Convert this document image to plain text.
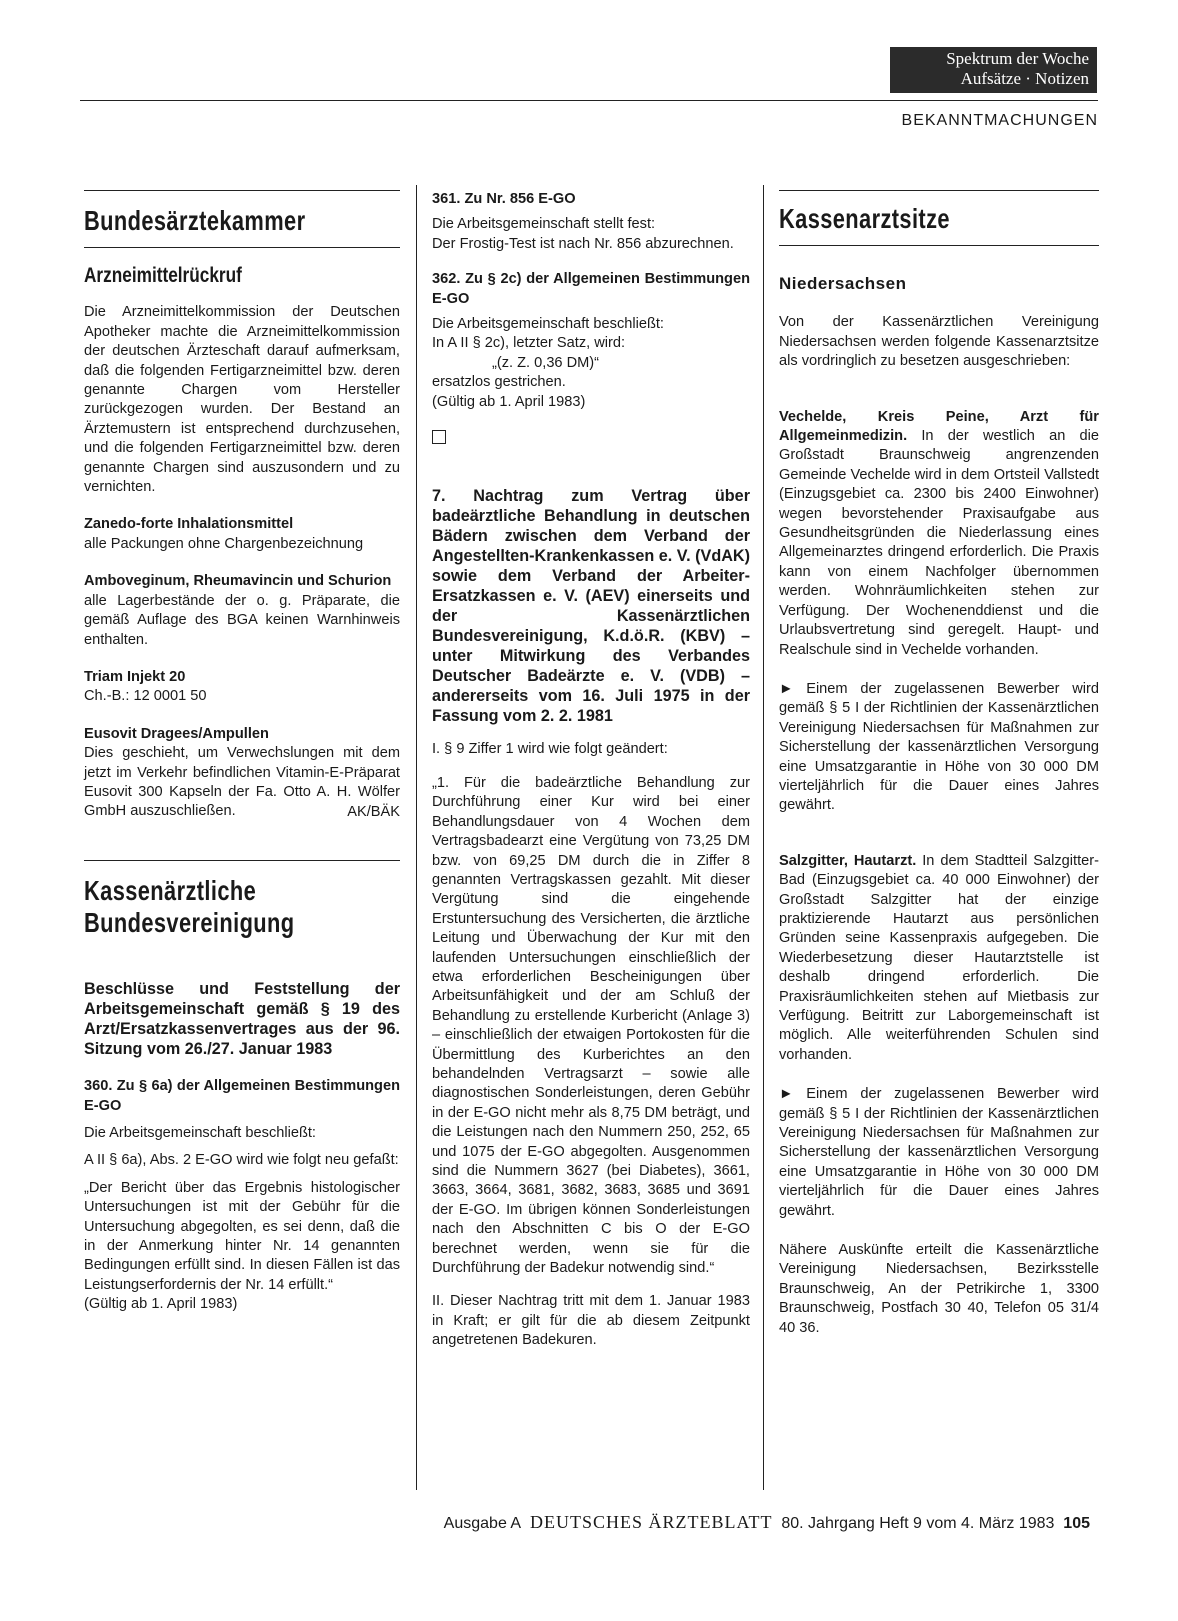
Spektrum der Woche
Aufsätze · Notizen
BEKANNTMACHUNGEN
Bundesärztekammer
Arzneimittelrückruf

Die Arzneimittelkommission der Deutschen Apotheker machte die Arzneimittelkommission der deutschen Ärzteschaft darauf aufmerksam, daß die folgenden Fertigarzneimittel bzw. deren genannte Chargen vom Hersteller zurückgezogen wurden. Der Bestand an Ärztemustern ist entsprechend durchzusehen, und die folgenden Fertigarzneimittel bzw. deren genannte Chargen sind auszusondern und zu vernichten.

Zanedo-forte Inhalationsmittel

alle Packungen ohne Chargenbezeichnung

Amboveginum, Rheumavincin und Schurion

alle Lagerbestände der o. g. Präparate, die gemäß Auflage des BGA keinen Warnhinweis enthalten.

Triam Injekt 20

Ch.-B.: 12 0001 50

Eusovit Dragees/Ampullen

Dies geschieht, um Verwechslungen mit dem jetzt im Verkehr befindlichen Vitamin-E-Präparat Eusovit 300 Kapseln der Fa. Otto A. H. Wölfer GmbH auszuschließen.	AK/BÄK
Kassenärztliche
Bundesvereinigung

Beschlüsse und Feststellung der Arbeitsgemeinschaft gemäß § 19 des Arzt/Ersatzkassenvertrages aus der 96. Sitzung vom 26./27. Januar 1983

360. Zu § 6a) der Allgemeinen Bestimmungen E-GO

Die Arbeitsgemeinschaft beschließt:

A II § 6a), Abs. 2 E-GO wird wie folgt neu gefaßt:

„Der Bericht über das Ergebnis histologischer Untersuchungen ist mit der Gebühr für die Untersuchung abgegolten, es sei denn, daß die in der Anmerkung hinter Nr. 14 genannten Bedingungen erfüllt sind. In diesen Fällen ist das Leistungserfordernis der Nr. 14 erfüllt.“

(Gültig ab 1. April 1983)

361. Zu Nr. 856 E-GO

Die Arbeitsgemeinschaft stellt fest:

Der Frostig-Test ist nach Nr. 856 abzurechnen.

362. Zu § 2c) der Allgemeinen Bestimmungen E-GO

Die Arbeitsgemeinschaft beschließt:

In A II § 2c), letzter Satz, wird:

„(z. Z. 0,36 DM)“

ersatzlos gestrichen.

(Gültig ab 1. April 1983)

7. Nachtrag zum Vertrag über badeärztliche Behandlung in deutschen Bädern zwischen dem Verband der Angestellten-Krankenkassen e. V. (VdAK) sowie dem Verband der Arbeiter-Ersatzkassen e. V. (AEV) einerseits und der Kassenärztlichen Bundesvereinigung, K.d.ö.R. (KBV) – unter Mitwirkung des Verbandes Deutscher Badeärzte e. V. (VDB) – andererseits vom 16. Juli 1975 in der Fassung vom 2. 2. 1981

I. § 9 Ziffer 1 wird wie folgt geändert:

„1. Für die badeärztliche Behandlung zur Durchführung einer Kur wird bei einer Behandlungsdauer von 4 Wochen dem Vertragsbadearzt eine Vergütung von 73,25 DM bzw. von 69,25 DM durch die in Ziffer 8 genannten Vertragskassen gezahlt. Mit dieser Vergütung sind die eingehende Erstuntersuchung des Versicherten, die ärztliche Leitung und Überwachung der Kur mit den laufenden Untersuchungen einschließlich der etwa erforderlichen Bescheinigungen über Arbeitsunfähigkeit und der am Schluß der Behandlung zu erstellende Kurbericht (Anlage 3) – einschließlich der etwaigen Portokosten für die Übermittlung des Kurberichtes an den behandelnden Vertragsarzt – sowie alle diagnostischen Sonderleistungen, deren Gebühr in der E-GO nicht mehr als 8,75 DM beträgt, und die Leistungen nach den Nummern 250, 252, 65 und 1075 der E-GO abgegolten. Ausgenommen sind die Nummern 3627 (bei Diabetes), 3661, 3663, 3664, 3681, 3682, 3683, 3685 und 3691 der E-GO. Im übrigen können Sonderleistungen nach den Abschnitten C bis O der E-GO berechnet werden, wenn sie für die Durchführung der Badekur notwendig sind.“

II. Dieser Nachtrag tritt mit dem 1. Januar 1983 in Kraft; er gilt für die ab diesem Zeitpunkt angetretenen Badekuren.

Kassenarztsitze
Niedersachsen

Von der Kassenärztlichen Vereinigung Niedersachsen werden folgende Kassenarztsitze als vordringlich zu besetzen ausgeschrieben:

Vechelde, Kreis Peine, Arzt für Allgemeinmedizin. In der westlich an die Großstadt Braunschweig angrenzenden Gemeinde Vechelde wird in dem Ortsteil Vallstedt (Einzugsgebiet ca. 2300 bis 2400 Einwohner) wegen bevorstehender Praxisaufgabe aus Gesundheitsgründen die Niederlassung eines Allgemeinarztes dringend erforderlich. Die Praxis kann von einem Nachfolger übernommen werden. Wohnräumlichkeiten stehen zur Verfügung. Der Wochenenddienst und die Urlaubsvertretung sind geregelt. Haupt- und Realschule sind in Vechelde vorhanden.

► Einem der zugelassenen Bewerber wird gemäß § 5 I der Richtlinien der Kassenärztlichen Vereinigung Niedersachsen für Maßnahmen zur Sicherstellung der kassenärztlichen Versorgung eine Umsatzgarantie in Höhe von 30 000 DM vierteljährlich für die Dauer eines Jahres gewährt.

Salzgitter, Hautarzt. In dem Stadtteil Salzgitter-Bad (Einzugsgebiet ca. 40 000 Einwohner) der Großstadt Salzgitter hat der einzige praktizierende Hautarzt aus persönlichen Gründen seine Kassenpraxis aufgegeben. Die Wiederbesetzung dieser Hautarztstelle ist deshalb dringend erforderlich. Die Praxisräumlichkeiten stehen auf Mietbasis zur Verfügung. Beitritt zur Laborgemeinschaft ist möglich. Alle weiterführenden Schulen sind vorhanden.

► Einem der zugelassenen Bewerber wird gemäß § 5 I der Richtlinien der Kassenärztlichen Vereinigung Niedersachsen für Maßnahmen zur Sicherstellung der kassenärztlichen Versorgung eine Umsatzgarantie in Höhe von 30 000 DM vierteljährlich für die Dauer eines Jahres gewährt.

Nähere Auskünfte erteilt die Kassenärztliche Vereinigung Niedersachsen, Bezirksstelle Braunschweig, An der Petrikirche 1, 3300 Braunschweig, Postfach 30 40, Telefon 05 31/4 40 36.

Ausgabe A DEUTSCHES ÄRZTEBLATT 80. Jahrgang Heft 9 vom 4. März 1983 105
